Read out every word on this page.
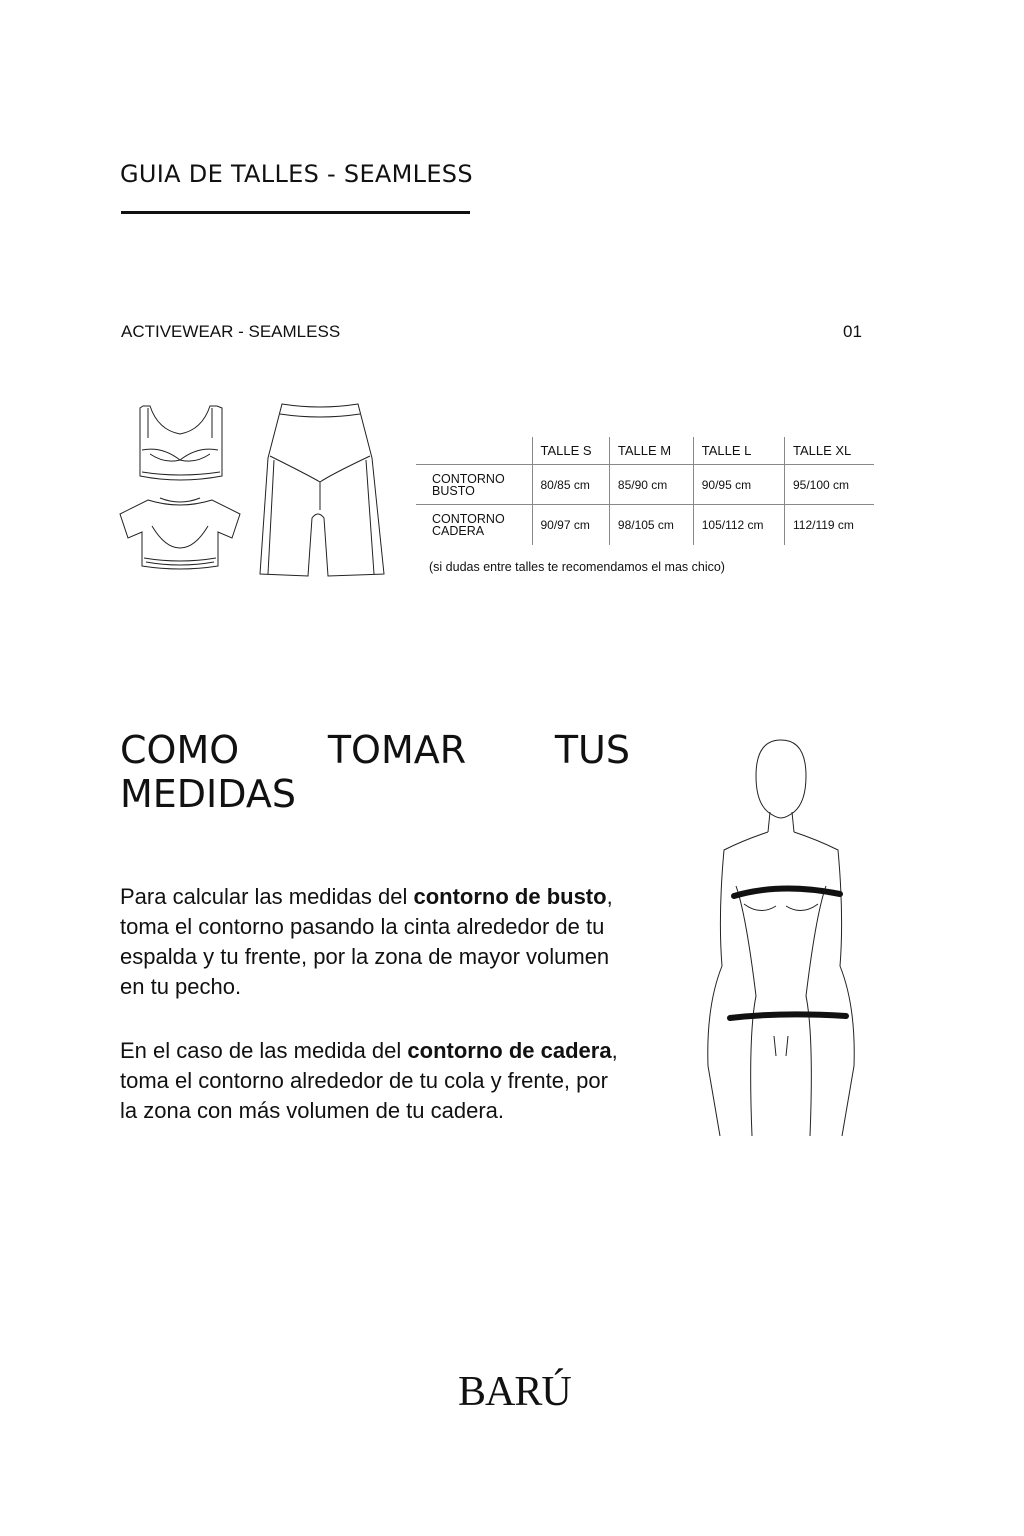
GUIA DE TALLES - SEAMLESS
ACTIVEWEAR - SEAMLESS	01
	TALLE S	TALLE M	TALLE L	TALLE XL

CONTORNO
BUSTO	80/85 cm	85/90 cm	90/95 cm	95/100 cm

CONTORNO
CADERA	90/97 cm	98/105 cm	105/112 cm	112/119 cm
(si dudas entre talles te recomendamos el mas chico)
COMO TOMAR TUS
MEDIDAS

Para calcular las medidas del contorno de busto, toma el contorno pasando la cinta alrededor de tu espalda y tu frente, por la zona de mayor volumen en tu pecho.

En el caso de las medida del contorno de cadera, toma el contorno alrededor de tu cola y frente, por la zona con más volumen de tu cadera.

BARÚ
